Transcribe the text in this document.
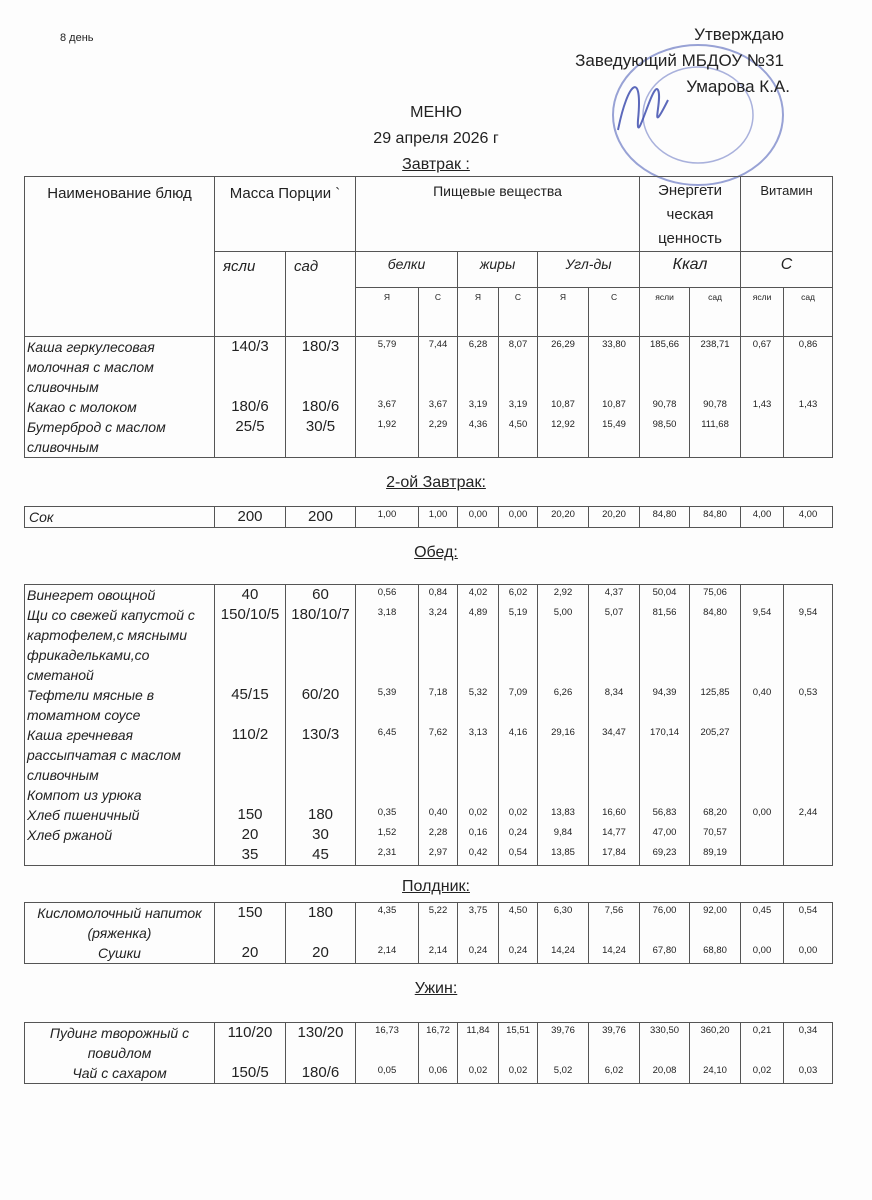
8 день	Утверждаю
Заведующий МБДОУ №31
Умарова К.А.
МЕНЮ
29 апреля 2026 г
Завтрак :
Наименование блюд	Масса Порции `		Пищевые вещества						Энергети ческая ценность		Витамин	
	ясли	сад	белки		жиры		Угл-ды		Ккал		С	
			Я	С	Я	С	Я	С	ясли	сад	ясли	сад
Каша геркулесовая молочная с маслом сливочным	140/3	180/3	5,79	7,44	6,28	8,07	26,29	33,80	185,66	238,71	0,67	0,86
Какао с молоком	180/6	180/6	3,67	3,67	3,19	3,19	10,87	10,87	90,78	90,78	1,43	1,43
Бутерброд с маслом сливочным	25/5	30/5	1,92	2,29	4,36	4,50	12,92	15,49	98,50	111,68		
2-ой Завтрак:
Сок	200	200	1,00	1,00	0,00	0,00	20,20	20,20	84,80	84,80	4,00	4,00
Обед:
Винегрет овощной	40	60	0,56	0,84	4,02	6,02	2,92	4,37	50,04	75,06		
Щи со свежей капустой с картофелем,с мясными фрикадельками,со сметаной	150/10/5	180/10/7	3,18	3,24	4,89	5,19	5,00	5,07	81,56	84,80	9,54	9,54
Тефтели мясные в томатном соусе	45/15	60/20	5,39	7,18	5,32	7,09	6,26	8,34	94,39	125,85	0,40	0,53
Каша гречневая рассыпчатая с маслом сливочным	110/2	130/3	6,45	7,62	3,13	4,16	29,16	34,47	170,14	205,27		
Компот из урюка												
Хлеб пшеничный	150	180	0,35	0,40	0,02	0,02	13,83	16,60	56,83	68,20	0,00	2,44
Хлеб ржаной	20	30	1,52	2,28	0,16	0,24	9,84	14,77	47,00	70,57		
	35	45	2,31	2,97	0,42	0,54	13,85	17,84	69,23	89,19		
Полдник:
Кисломолочный напиток (ряженка)	150	180	4,35	5,22	3,75	4,50	6,30	7,56	76,00	92,00	0,45	0,54
Сушки	20	20	2,14	2,14	0,24	0,24	14,24	14,24	67,80	68,80	0,00	0,00
Ужин:
Пудинг творожный с повидлом	110/20	130/20	16,73	16,72	11,84	15,51	39,76	39,76	330,50	360,20	0,21	0,34
Чай с сахаром	150/5	180/6	0,05	0,06	0,02	0,02	5,02	6,02	20,08	24,10	0,02	0,03
